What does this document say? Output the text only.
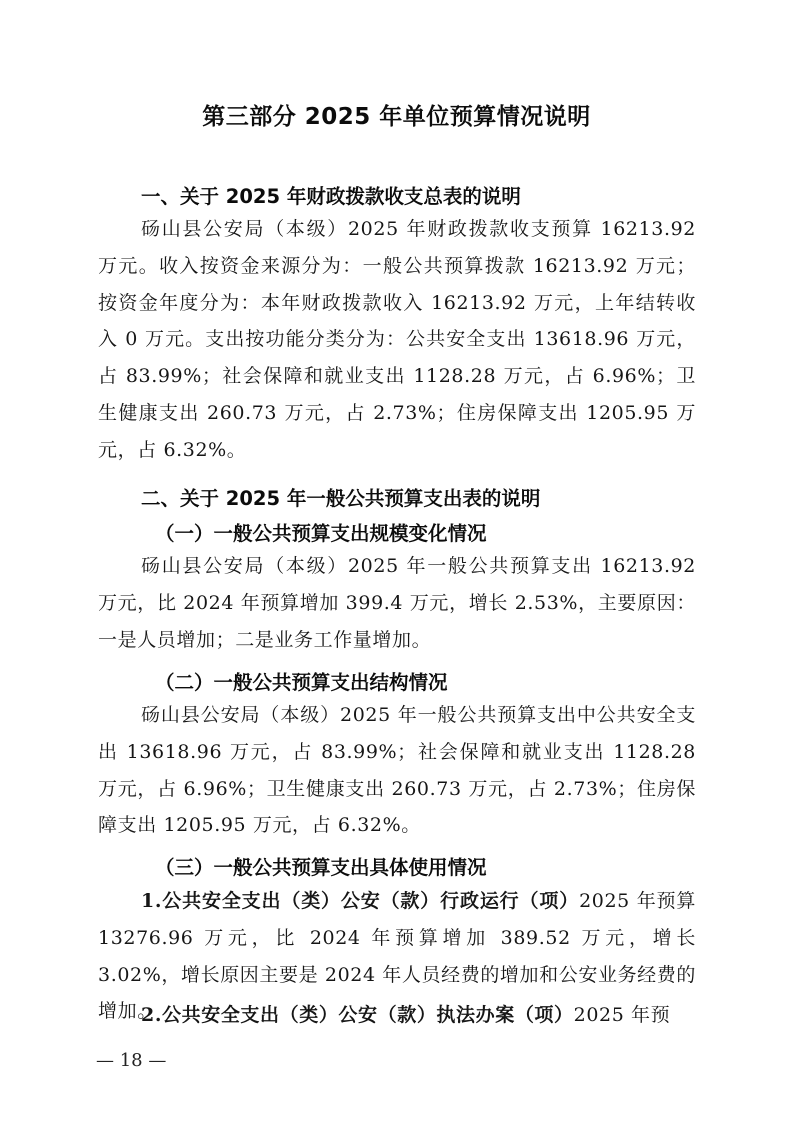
第三部分 2025 年单位预算情况说明
一、关于 2025 年财政拨款收支总表的说明
砀山县公安局（本级）2025 年财政拨款收支预算 16213.92 万元。收入按资金来源分为：一般公共预算拨款 16213.92 万元；按资金年度分为：本年财政拨款收入 16213.92 万元，上年结转收入 0 万元。支出按功能分类分为：公共安全支出 13618.96 万元，占 83.99%；社会保障和就业支出 1128.28 万元，占 6.96%；卫生健康支出 260.73 万元，占 2.73%；住房保障支出 1205.95 万元，占 6.32%。
二、关于 2025 年一般公共预算支出表的说明
（一）一般公共预算支出规模变化情况
砀山县公安局（本级）2025 年一般公共预算支出 16213.92 万元，比 2024 年预算增加 399.4 万元，增长 2.53%，主要原因：一是人员增加；二是业务工作量增加。
（二）一般公共预算支出结构情况
砀山县公安局（本级）2025 年一般公共预算支出中公共安全支出 13618.96 万元，占 83.99%；社会保障和就业支出 1128.28 万元，占 6.96%；卫生健康支出 260.73 万元，占 2.73%；住房保障支出 1205.95 万元，占 6.32%。
（三）一般公共预算支出具体使用情况
1.公共安全支出（类）公安（款）行政运行（项）2025 年预算 13276.96 万元，比 2024 年预算增加 389.52 万元，增长 3.02%，增长原因主要是 2024 年人员经费的增加和公安业务经费的增加。
2.公共安全支出（类）公安（款）执法办案（项）2025 年预
— 18 —
